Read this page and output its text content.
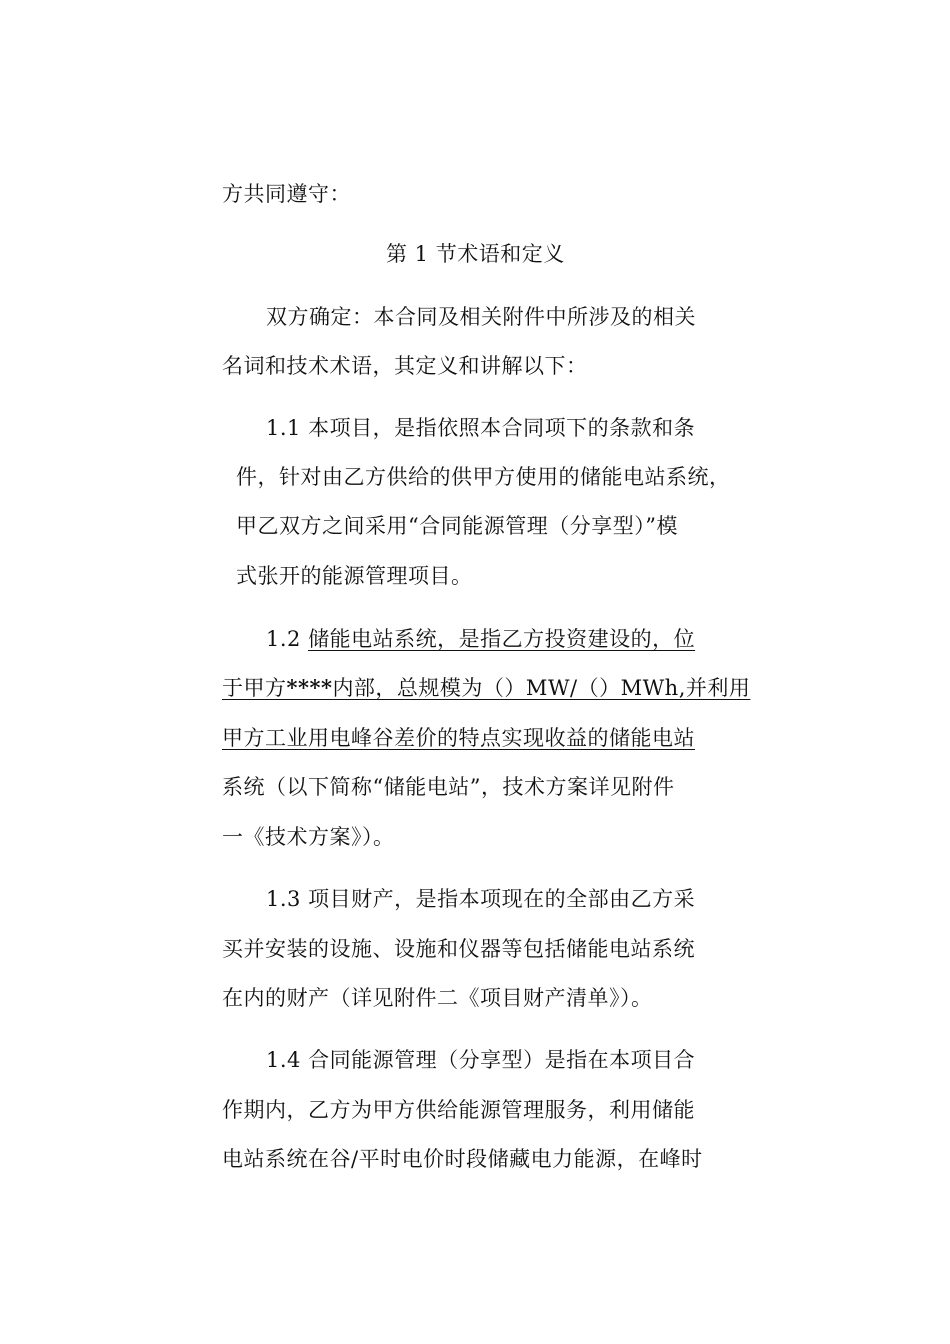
方共同遵守：
第 1 节术语和定义
双方确定：本合同及相关附件中所涉及的相关
名词和技术术语，其定义和讲解以下：
1.1 本项目，是指依照本合同项下的条款和条
件，针对由乙方供给的供甲方使用的储能电站系统，
甲乙双方之间采用“合同能源管理（分享型）”模
式张开的能源管理项目。
1.2 储能电站系统，是指乙方投资建设的，位
于甲方****内部，总规模为（）MW/（）MWh,并利用
甲方工业用电峰谷差价的特点实现收益的储能电站
系统（以下简称“储能电站”，技术方案详见附件
一《技术方案》）。
1.3 项目财产，是指本项现在的全部由乙方采
买并安装的设施、设施和仪器等包括储能电站系统
在内的财产（详见附件二《项目财产清单》）。
1.4 合同能源管理（分享型）是指在本项目合
作期内，乙方为甲方供给能源管理服务，利用储能
电站系统在谷/平时电价时段储藏电力能源，在峰时
